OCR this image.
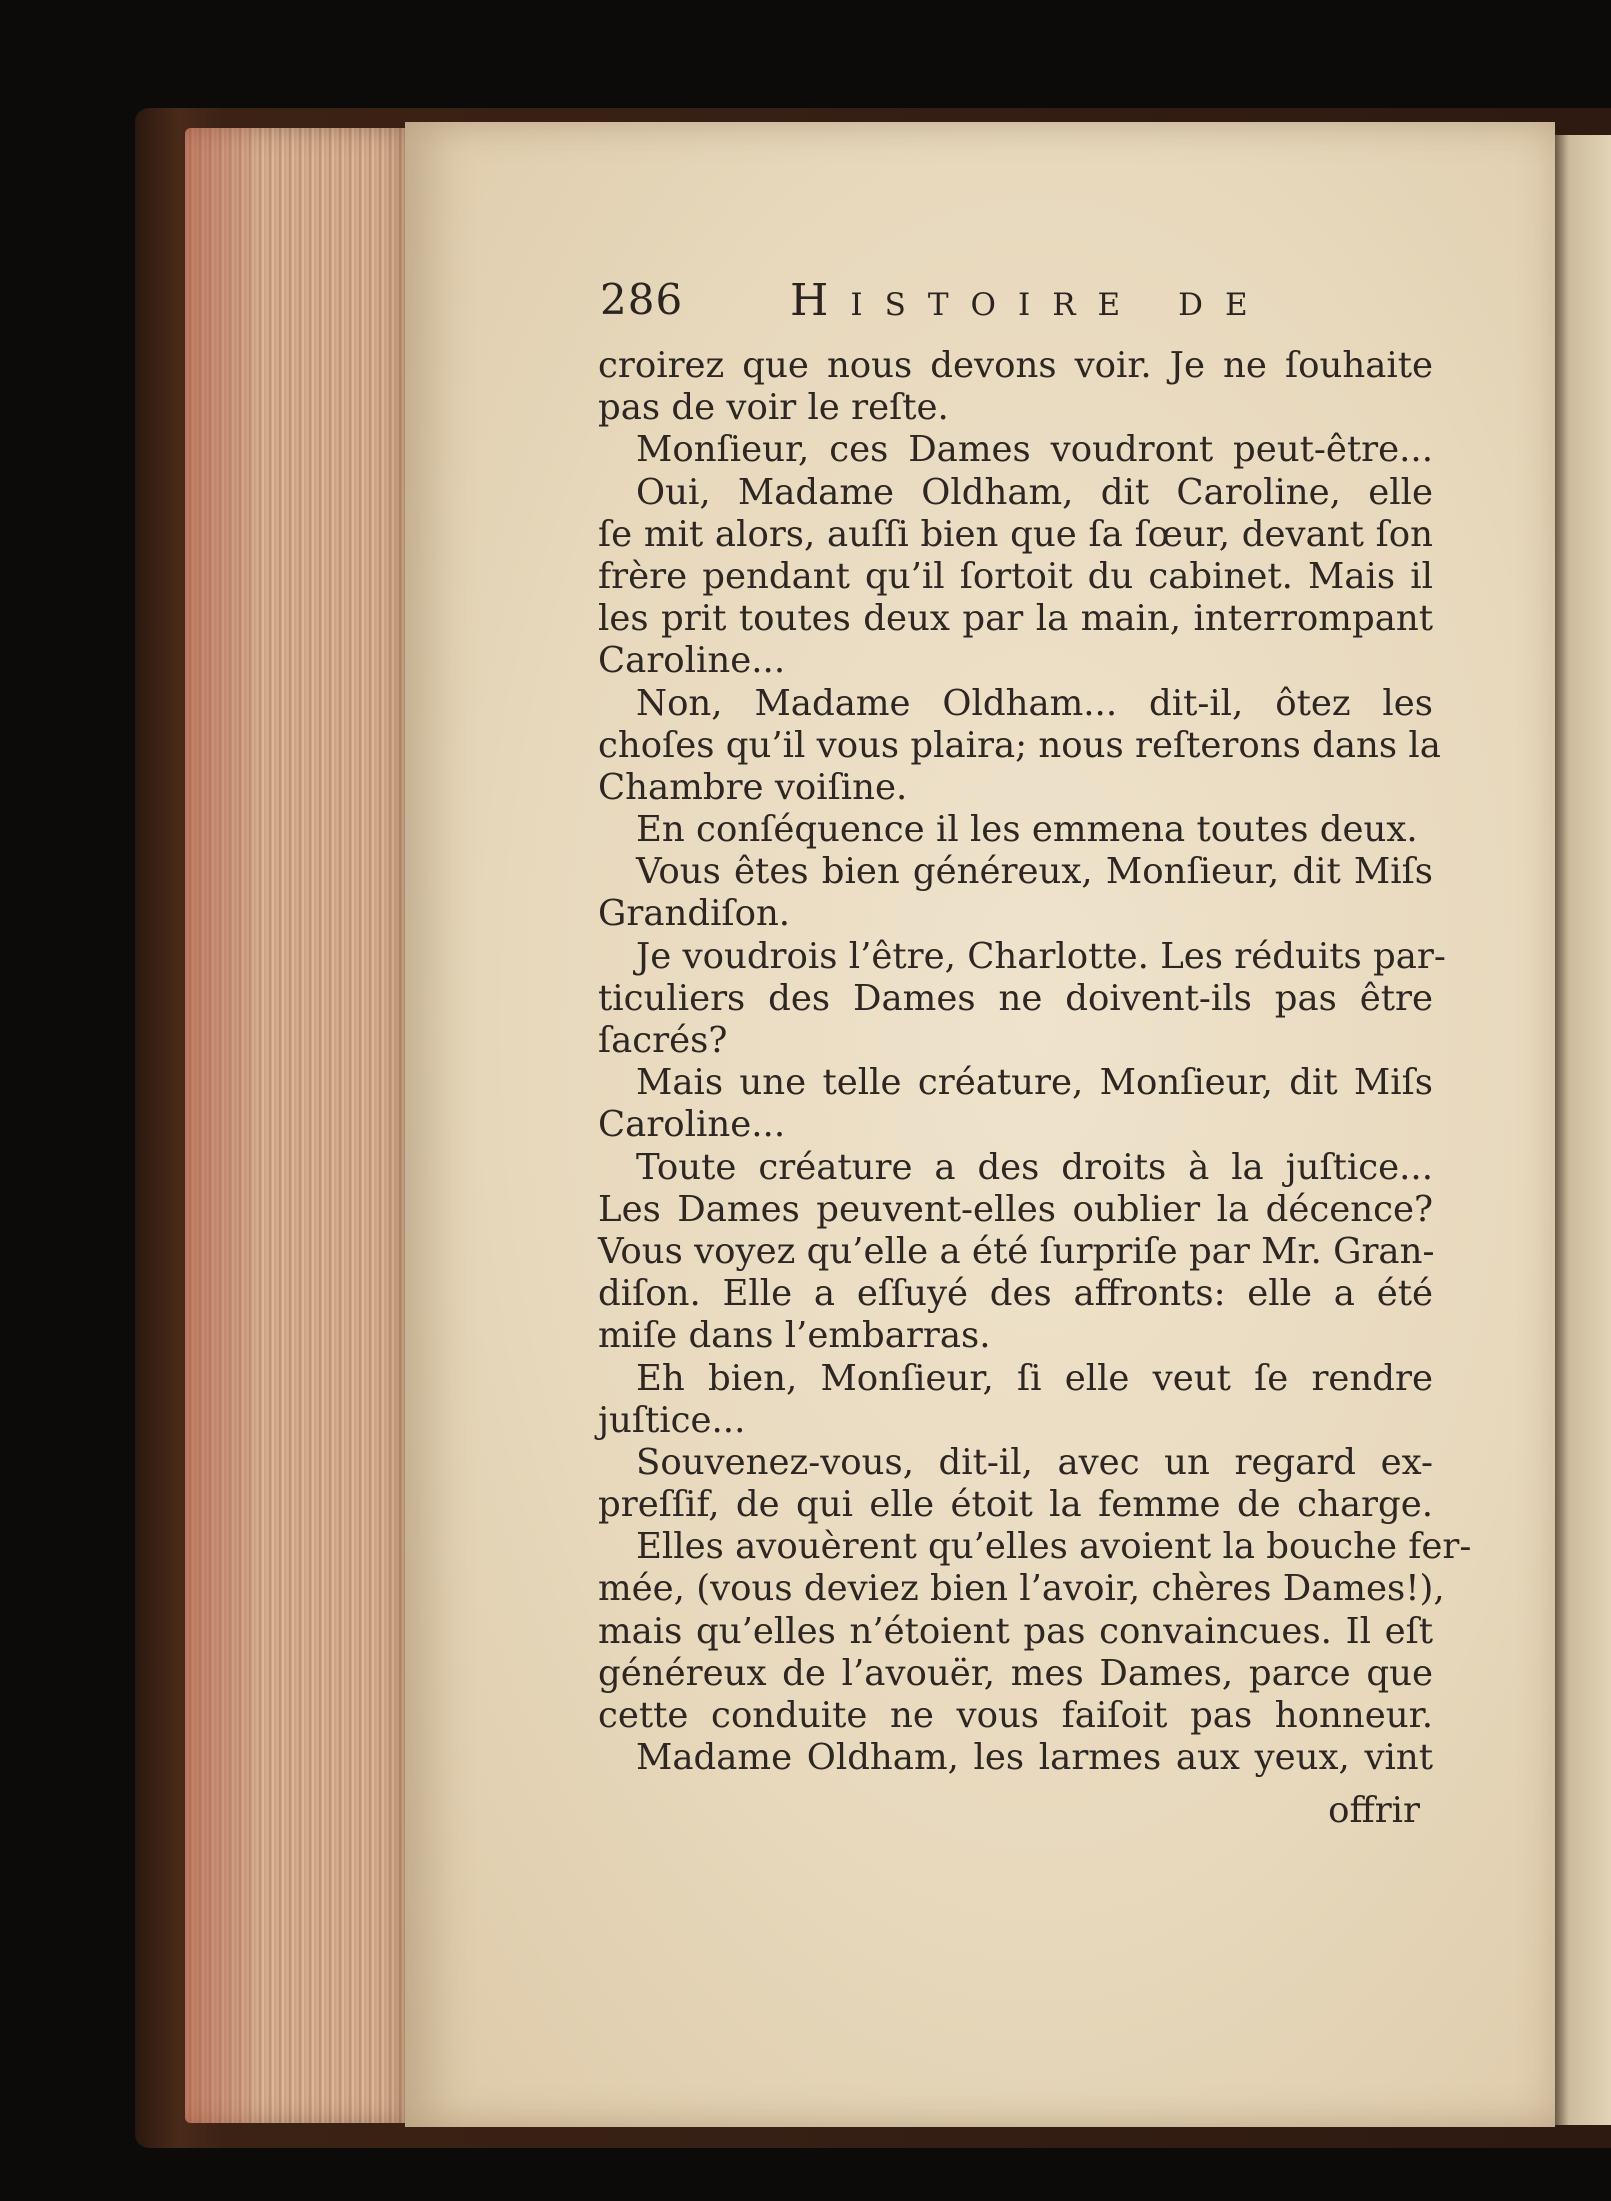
286 Histoire de
croirez que nous devons voir. Je ne ſouhaite
pas de voir le reſte.
Monſieur, ces Dames voudront peut-être...
Oui, Madame Oldham, dit Caroline, elle
ſe mit alors, auſſi bien que ſa ſœur, devant ſon
frère pendant qu’il ſortoit du cabinet. Mais il
les prit toutes deux par la main, interrompant
Caroline...
Non, Madame Oldham... dit-il, ôtez les
choſes qu’il vous plaira; nous reſterons dans la
Chambre voiſine.
En conſéquence il les emmena toutes deux.
Vous êtes bien généreux, Monſieur, dit Miſs
Grandiſon.
Je voudrois l’être, Charlotte. Les réduits par-
ticuliers des Dames ne doivent-ils pas être
ſacrés?
Mais une telle créature, Monſieur, dit Miſs
Caroline...
Toute créature a des droits à la juſtice...
Les Dames peuvent-elles oublier la décence?
Vous voyez qu’elle a été ſurpriſe par Mr. Gran-
diſon. Elle a eſſuyé des affronts: elle a été
miſe dans l’embarras.
Eh bien, Monſieur, ſi elle veut ſe rendre
juſtice...
Souvenez-vous, dit-il, avec un regard ex-
preſſif, de qui elle étoit la femme de charge.
Elles avouèrent qu’elles avoient la bouche fer-
mée, (vous deviez bien l’avoir, chères Dames!),
mais qu’elles n’étoient pas convaincues. Il eſt
généreux de l’avouër, mes Dames, parce que
cette conduite ne vous faiſoit pas honneur.
Madame Oldham, les larmes aux yeux, vint
offrir
